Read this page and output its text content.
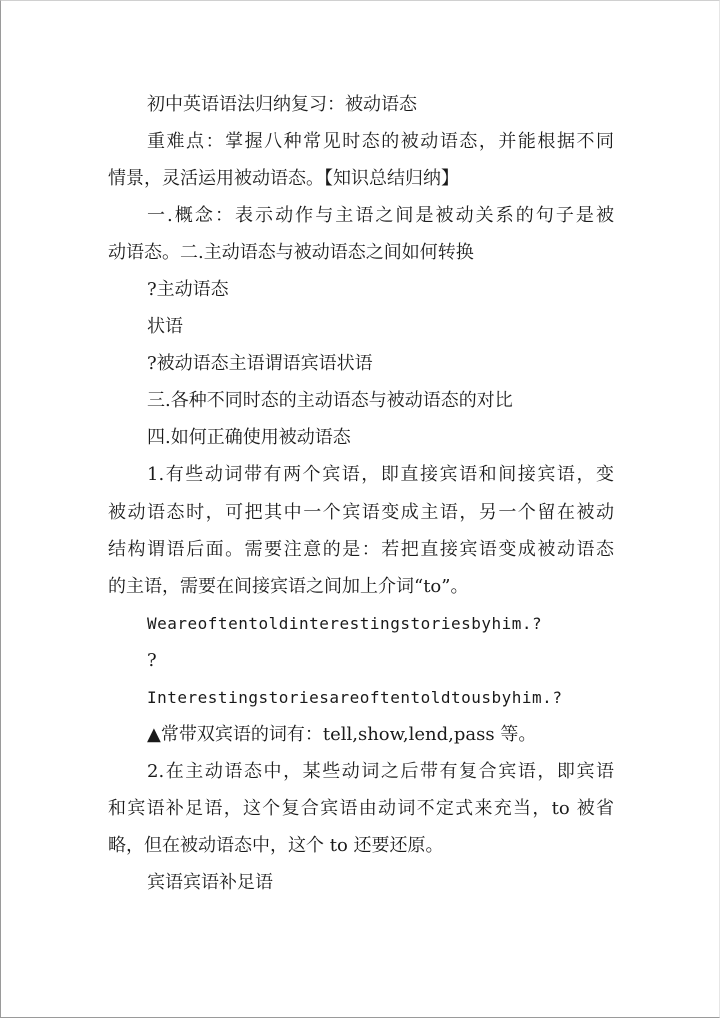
初中英语语法归纳复习：被动语态
重难点：掌握八种常见时态的被动语态，并能根据不同
情景，灵活运用被动语态。【知识总结归纳】
一.概念：表示动作与主语之间是被动关系的句子是被
动语态。二.主动语态与被动语态之间如何转换
?主动语态
状语
?被动语态主语谓语宾语状语
三.各种不同时态的主动语态与被动语态的对比
四.如何正确使用被动语态
1.有些动词带有两个宾语，即直接宾语和间接宾语，变
被动语态时，可把其中一个宾语变成主语，另一个留在被动
结构谓语后面。需要注意的是：若把直接宾语变成被动语态
的主语，需要在间接宾语之间加上介词“to”。
Weareoftentoldinterestingstoriesbyhim.?
?
Interestingstoriesareoftentoldtousbyhim.?
▲常带双宾语的词有：tell,show,lend,pass 等。
2.在主动语态中，某些动词之后带有复合宾语，即宾语
和宾语补足语，这个复合宾语由动词不定式来充当，to 被省
略，但在被动语态中，这个 to 还要还原。
宾语宾语补足语
